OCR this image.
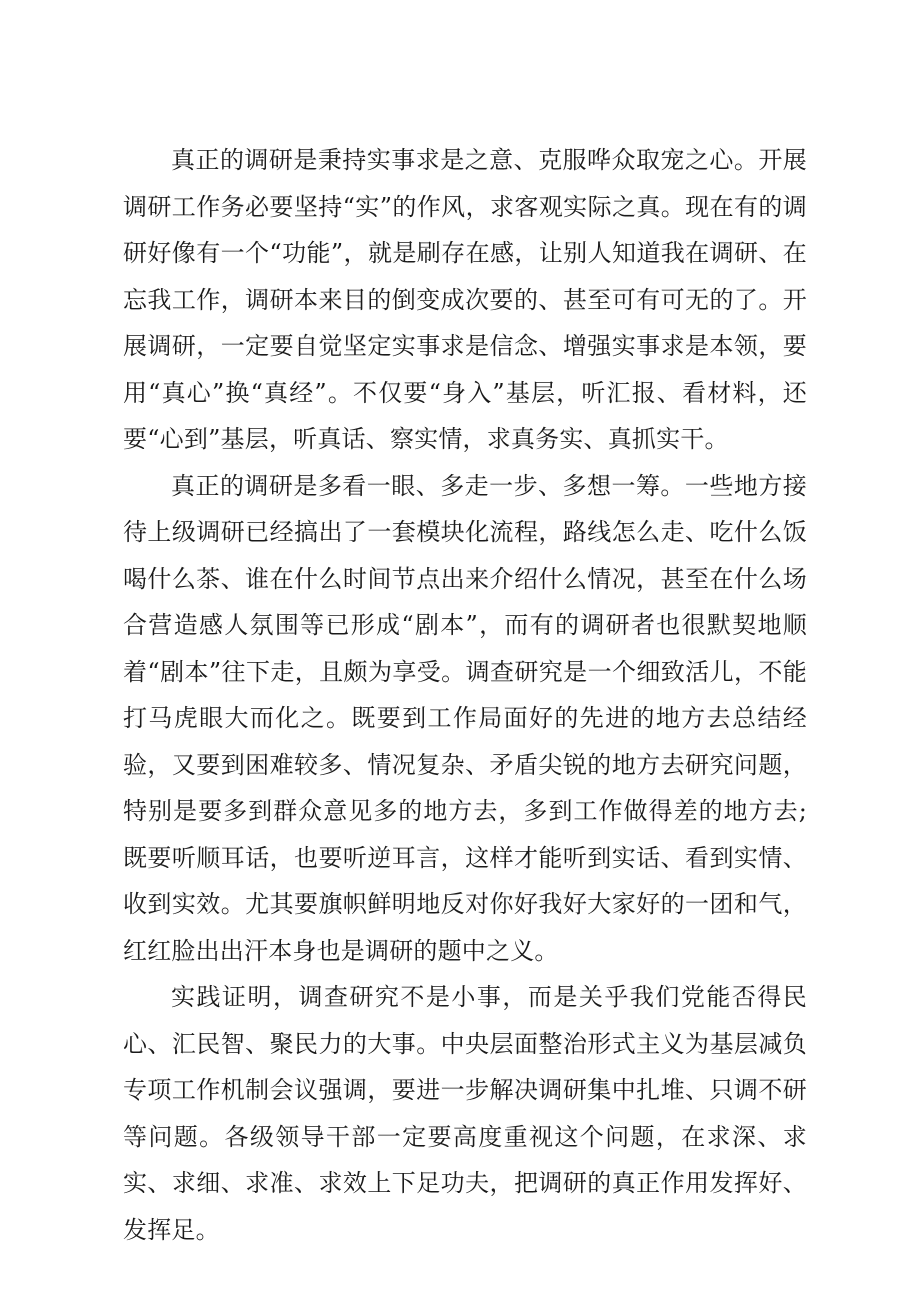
真正的调研是秉持实事求是之意、克服哗众取宠之心。开展调研工作务必要坚持“实”的作风，求客观实际之真。现在有的调研好像有一个“功能”，就是刷存在感，让别人知道我在调研、在忘我工作，调研本来目的倒变成次要的、甚至可有可无的了。开展调研，一定要自觉坚定实事求是信念、增强实事求是本领，要用“真心”换“真经”。不仅要“身入”基层，听汇报、看材料，还要“心到”基层，听真话、察实情，求真务实、真抓实干。

真正的调研是多看一眼、多走一步、多想一筹。一些地方接待上级调研已经搞出了一套模块化流程，路线怎么走、吃什么饭喝什么茶、谁在什么时间节点出来介绍什么情况，甚至在什么场合营造感人氛围等已形成“剧本”，而有的调研者也很默契地顺着“剧本”往下走，且颇为享受。调查研究是一个细致活儿，不能打马虎眼大而化之。既要到工作局面好的先进的地方去总结经验，又要到困难较多、情况复杂、矛盾尖锐的地方去研究问题，特别是要多到群众意见多的地方去，多到工作做得差的地方去;既要听顺耳话，也要听逆耳言，这样才能听到实话、看到实情、收到实效。尤其要旗帜鲜明地反对你好我好大家好的一团和气，红红脸出出汗本身也是调研的题中之义。

实践证明，调查研究不是小事，而是关乎我们党能否得民心、汇民智、聚民力的大事。中央层面整治形式主义为基层减负专项工作机制会议强调，要进一步解决调研集中扎堆、只调不研等问题。各级领导干部一定要高度重视这个问题，在求深、求实、求细、求准、求效上下足功夫，把调研的真正作用发挥好、发挥足。
